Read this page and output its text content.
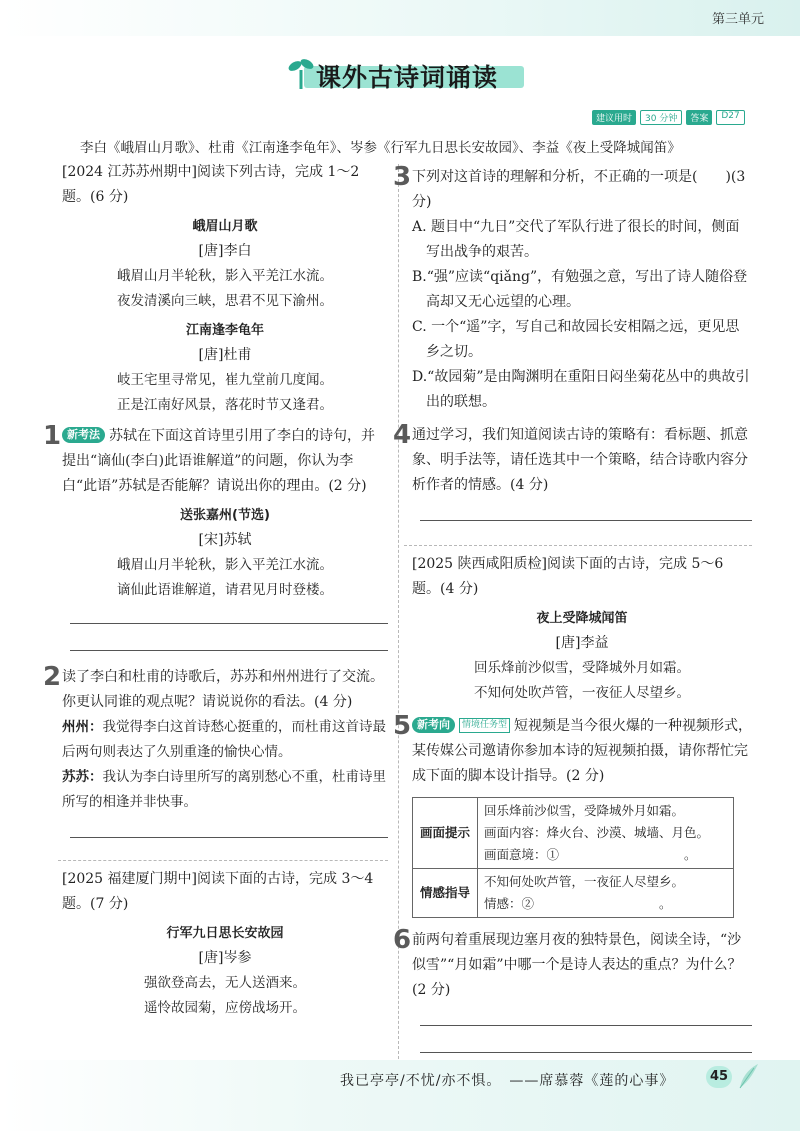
第三单元
课外古诗词诵读
建议用时	30 分钟	答案	D27
李白《峨眉山月歌》、杜甫《江南逢李龟年》、岑参《行军九日思长安故园》、李益《夜上受降城闻笛》

[2024 江苏苏州期中]阅读下列古诗，完成 1～2 题。(6 分)

峨眉山月歌

[唐]李白

峨眉山月半轮秋，影入平羌江水流。

夜发清溪向三峡，思君不见下渝州。

江南逢李龟年

[唐]杜甫

岐王宅里寻常见，崔九堂前几度闻。

正是江南好风景，落花时节又逢君。

1 新考法 苏轼在下面这首诗里引用了李白的诗句，并提出“谪仙(李白)此语谁解道”的问题，你认为李白“此语”苏轼是否能解？请说出你的理由。(2 分)

送张嘉州(节选)

[宋]苏轼

峨眉山月半轮秋，影入平羌江水流。

谪仙此语谁解道，请君见月时登楼。

2 读了李白和杜甫的诗歌后，苏苏和州州进行了交流。你更认同谁的观点呢？请说说你的看法。(4 分)

州州：我觉得李白这首诗愁心挺重的，而杜甫这首诗最后两句则表达了久别重逢的愉快心情。

苏苏：我认为李白诗里所写的离别愁心不重，杜甫诗里所写的相逢并非快事。

[2025 福建厦门期中]阅读下面的古诗，完成 3～4 题。(7 分)

行军九日思长安故园

[唐]岑参

强欲登高去，无人送酒来。

遥怜故园菊，应傍战场开。

3 下列对这首诗的理解和分析，不正确的一项是(　　)(3 分)

A. 题目中“九日”交代了军队行进了很长的时间，侧面写出战争的艰苦。

B.“强”应读“qiǎng”，有勉强之意，写出了诗人随俗登高却又无心远望的心理。

C. 一个“遥”字，写自己和故园长安相隔之远，更见思乡之切。

D.“故园菊”是由陶渊明在重阳日闷坐菊花丛中的典故引出的联想。

4 通过学习，我们知道阅读古诗的策略有：看标题、抓意象、明手法等，请任选其中一个策略，结合诗歌内容分析作者的情感。(4 分)

[2025 陕西咸阳质检]阅读下面的古诗，完成 5～6 题。(4 分)

夜上受降城闻笛

[唐]李益

回乐烽前沙似雪，受降城外月如霜。

不知何处吹芦管，一夜征人尽望乡。

5 新考向 情境任务型 短视频是当今很火爆的一种视频形式，某传媒公司邀请你参加本诗的短视频拍摄，请你帮忙完成下面的脚本设计指导。(2 分)

画面提示	回乐烽前沙似雪，受降城外月如霜。
画面内容：烽火台、沙漠、城墙、月色。
画面意境：①　　　　　　　　　　。

情感指导	不知何处吹芦管，一夜征人尽望乡。
情感：②　　　　　　　　　　。
6 前两句着重展现边塞月夜的独特景色，阅读全诗，“沙似雪”“月如霜”中哪一个是诗人表达的重点？为什么？(2 分)

我已亭亭/不忧/亦不惧。　——席慕蓉《莲的心事》	45
